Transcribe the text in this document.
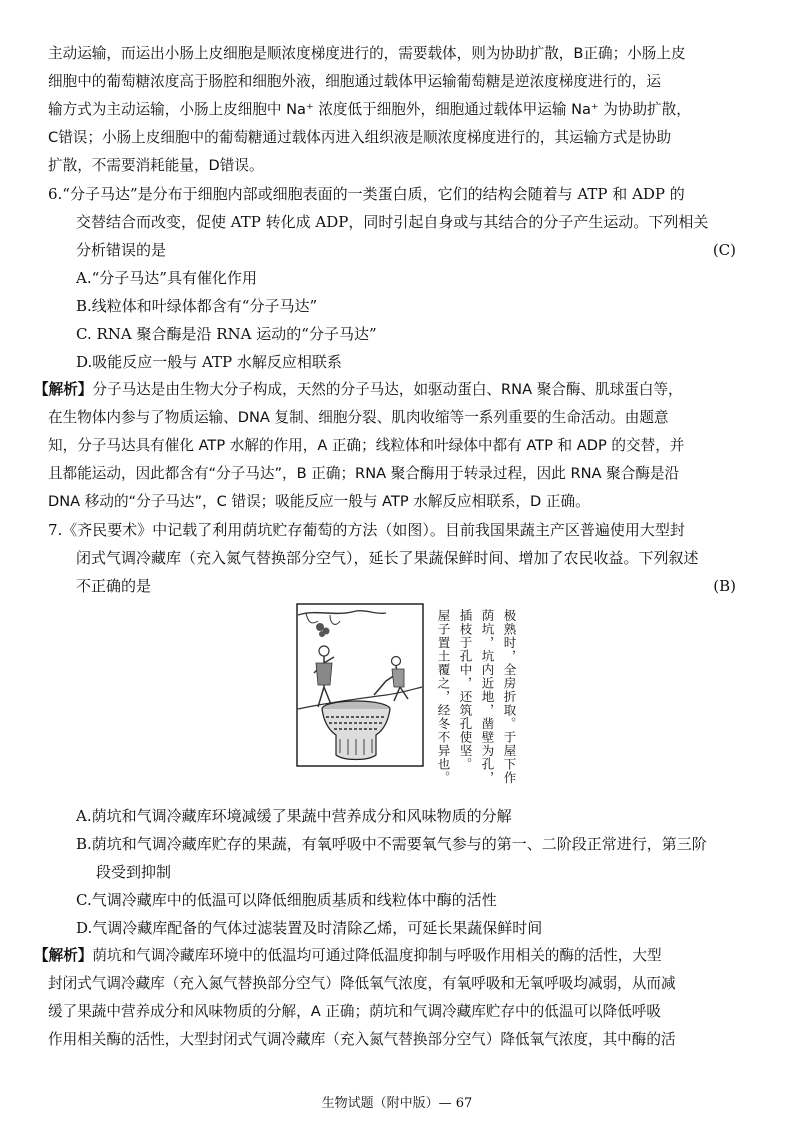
主动运输，而运出小肠上皮细胞是顺浓度梯度进行的，需要载体，则为协助扩散，B正确；小肠上皮
细胞中的葡萄糖浓度高于肠腔和细胞外液，细胞通过载体甲运输葡萄糖是逆浓度梯度进行的，运
输方式为主动运输，小肠上皮细胞中 Na⁺ 浓度低于细胞外，细胞通过载体甲运输 Na⁺ 为协助扩散，
C错误；小肠上皮细胞中的葡萄糖通过载体丙进入组织液是顺浓度梯度进行的，其运输方式是协助
扩散，不需要消耗能量，D错误。
6.“分子马达”是分布于细胞内部或细胞表面的一类蛋白质，它们的结构会随着与 ATP 和 ADP 的
交替结合而改变，促使 ATP 转化成 ADP，同时引起自身或与其结合的分子产生运动。下列相关
分析错误的是	(C)
A.“分子马达”具有催化作用
B.线粒体和叶绿体都含有“分子马达”
C. RNA 聚合酶是沿 RNA 运动的“分子马达”
D.吸能反应一般与 ATP 水解反应相联系
【解析】分子马达是由生物大分子构成，天然的分子马达，如驱动蛋白、RNA 聚合酶、肌球蛋白等，
在生物体内参与了物质运输、DNA 复制、细胞分裂、肌肉收缩等一系列重要的生命活动。由题意
知，分子马达具有催化 ATP 水解的作用，A 正确；线粒体和叶绿体中都有 ATP 和 ADP 的交替，并
且都能运动，因此都含有“分子马达”，B 正确；RNA 聚合酶用于转录过程，因此 RNA 聚合酶是沿
DNA 移动的“分子马达”，C 错误；吸能反应一般与 ATP 水解反应相联系，D 正确。
7.《齐民要术》中记载了利用荫坑贮存葡萄的方法（如图）。目前我国果蔬主产区普遍使用大型封
闭式气调冷藏库（充入氮气替换部分空气），延长了果蔬保鲜时间、增加了农民收益。下列叙述
不正确的是	(B)
极熟时，全房折取。于屋下作
荫坑，坑内近地，凿壁为孔，
插枝于孔中，还筑孔使坚。
屋子置土覆之，经冬不异也。
A.荫坑和气调冷藏库环境减缓了果蔬中营养成分和风味物质的分解
B.荫坑和气调冷藏库贮存的果蔬，有氧呼吸中不需要氧气参与的第一、二阶段正常进行，第三阶
段受到抑制
C.气调冷藏库中的低温可以降低细胞质基质和线粒体中酶的活性
D.气调冷藏库配备的气体过滤装置及时清除乙烯，可延长果蔬保鲜时间
【解析】荫坑和气调冷藏库环境中的低温均可通过降低温度抑制与呼吸作用相关的酶的活性，大型
封闭式气调冷藏库（充入氮气替换部分空气）降低氧气浓度，有氧呼吸和无氧呼吸均减弱，从而减
缓了果蔬中营养成分和风味物质的分解，A 正确；荫坑和气调冷藏库贮存中的低温可以降低呼吸
作用相关酶的活性，大型封闭式气调冷藏库（充入氮气替换部分空气）降低氧气浓度，其中酶的活
生物试题（附中版）— 67
